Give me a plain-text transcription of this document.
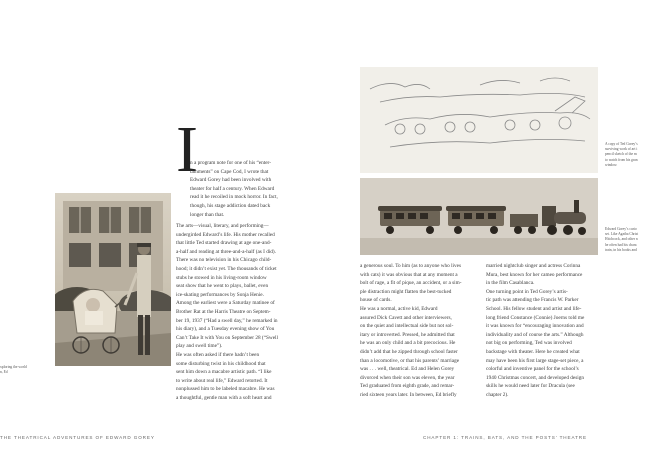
xploring the world
n, Ed
I
n a program note for one of his “enter-
tainments” on Cape Cod, I wrote that
Edward Gorey had been involved with
theater for half a century. When Edward
read it he recoiled in mock horror. In fact,
though, his stage addiction dated back
longer than that.
The arts—visual, literary, and performing—
undergirded Edward’s life. His mother recalled
that little Ted started drawing at age one-and-
a-half and reading at three-and-a-half (as I did).
There was no television in his Chicago child-
hood; it didn’t exist yet. The thousands of ticket
stubs he stowed in his living-room window
seat show that he went to plays, ballet, even
ice-skating performances by Sonja Henie.
Among the earliest were a Saturday matinee of
Brother Rat at the Harris Theatre on Septem-
ber 19, 1937 (“Had a swell day,” he remarked in
his diary), and a Tuesday evening show of You
Can’t Take It with You on September 28 (“Swell
play and swell time”).
He was often asked if there hadn’t been
some disturbing twist in his childhood that
sent him down a macabre artistic path. “I like
to write about real life,” Edward retorted. It
nonplussed him to be labeled macabre. He was
a thoughtful, gentle man with a soft heart and
THE THEATRICAL ADVENTURES OF EDWARD GOREY
A copy of Ted Gorey’s
surviving work of art i
pencil sketch of the m
to watch from his gran
window.
Edward Gorey’s curio
set. Like Agatha Christ
Hitchcock, and other n
he often had his chara
train, in his books and
a generous soul. To him (as to anyone who lives
with cats) it was obvious that at any moment a
bolt of rage, a fit of pique, an accident, or a sim-
ple distraction might flatten the best-tucked
house of cards.
He was a normal, active kid, Edward
assured Dick Cavett and other interviewers,
on the quiet and intellectual side but not sol-
itary or introverted. Pressed, he admitted that
he was an only child and a bit precocious. He
didn’t add that he zipped through school faster
than a locomotive, or that his parents’ marriage
was . . . well, theatrical. Ed and Helen Gorey
divorced when their son was eleven, the year
Ted graduated from eighth grade, and remar-
ried sixteen years later. In between, Ed briefly
married nightclub singer and actress Corinna
Mura, best known for her cameo performance
in the film Casablanca.
One turning point in Ted Gorey’s artis-
tic path was attending the Francis W. Parker
School. His fellow student and artist and life-
long friend Constance (Connie) Joerns told me
it was known for “encouraging innovation and
individuality and of course the arts.” Although
not big on performing, Ted was involved
backstage with theater. Here he created what
may have been his first large stage-set piece, a
colorful and inventive panel for the school’s
1940 Christmas concert, and developed design
skills he would need later for Dracula (see
chapter 2).
CHAPTER 1: TRAINS, BATS, AND THE POSTS’ THEATRE
